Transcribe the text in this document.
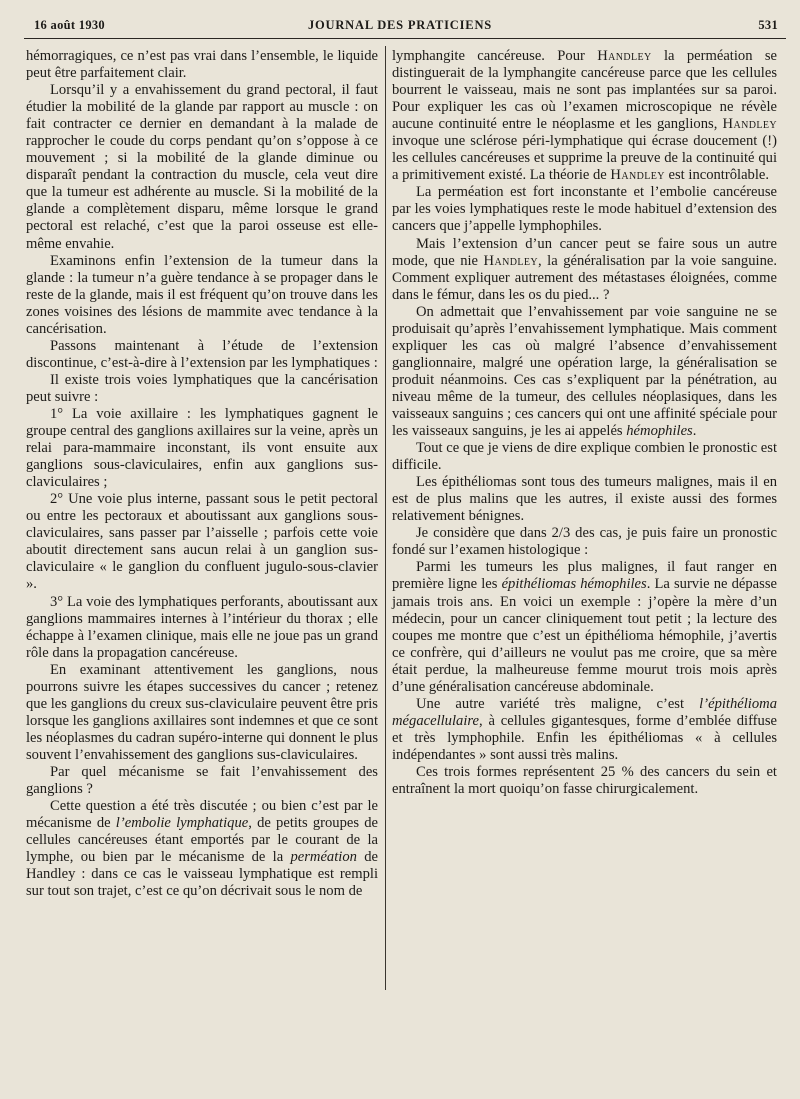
16 août 1930	JOURNAL DES PRATICIENS	531

hémorragiques, ce n’est pas vrai dans l’ensemble, le liquide peut être parfaitement clair.

Lorsqu’il y a envahissement du grand pectoral, il faut étudier la mobilité de la glande par rapport au muscle : on fait contracter ce dernier en demandant à la malade de rapprocher le coude du corps pendant qu’on s’oppose à ce mouvement ; si la mobilité de la glande diminue ou disparaît pendant la contraction du muscle, cela veut dire que la tumeur est adhérente au muscle. Si la mobilité de la glande a complètement disparu, même lorsque le grand pectoral est relaché, c’est que la paroi osseuse est elle-même envahie.

Examinons enfin l’extension de la tumeur dans la glande : la tumeur n’a guère tendance à se propager dans le reste de la glande, mais il est fréquent qu’on trouve dans les zones voisines des lésions de mammite avec tendance à la cancérisation.

Passons maintenant à l’étude de l’extension discontinue, c’est-à-dire à l’extension par les lymphatiques :

Il existe trois voies lymphatiques que la cancérisation peut suivre :

1° La voie axillaire : les lymphatiques gagnent le groupe central des ganglions axillaires sur la veine, après un relai para-mammaire inconstant, ils vont ensuite aux ganglions sous-claviculaires, enfin aux ganglions sus-claviculaires ;

2° Une voie plus interne, passant sous le petit pectoral ou entre les pectoraux et aboutissant aux ganglions sous-claviculaires, sans passer par l’aisselle ; parfois cette voie aboutit directement sans aucun relai à un ganglion sus-claviculaire « le ganglion du confluent jugulo-sous-clavier ».

3° La voie des lymphatiques perforants, aboutissant aux ganglions mammaires internes à l’intérieur du thorax ; elle échappe à l’examen clinique, mais elle ne joue pas un grand rôle dans la propagation cancéreuse.

En examinant attentivement les ganglions, nous pourrons suivre les étapes successives du cancer ; retenez que les ganglions du creux sus-claviculaire peuvent être pris lorsque les ganglions axillaires sont indemnes et que ce sont les néoplasmes du cadran supéro-interne qui donnent le plus souvent l’envahissement des ganglions sus-claviculaires.

Par quel mécanisme se fait l’envahissement des ganglions ?

Cette question a été très discutée ; ou bien c’est par le mécanisme de l’embolie lymphatique, de petits groupes de cellules cancéreuses étant emportés par le courant de la lymphe, ou bien par le mécanisme de la perméation de Handley : dans ce cas le vaisseau lymphatique est rempli sur tout son trajet, c’est ce qu’on décrivait sous le nom de

lymphangite cancéreuse. Pour Handley la perméation se distinguerait de la lymphangite cancéreuse parce que les cellules bourrent le vaisseau, mais ne sont pas implantées sur sa paroi. Pour expliquer les cas où l’examen microscopique ne révèle aucune continuité entre le néoplasme et les ganglions, Handley invoque une sclérose péri-lymphatique qui écrase doucement (!) les cellules cancéreuses et supprime la preuve de la continuité qui a primitivement existé. La théorie de Handley est incontrôlable.

La perméation est fort inconstante et l’embolie cancéreuse par les voies lymphatiques reste le mode habituel d’extension des cancers que j’appelle lymphophiles.

Mais l’extension d’un cancer peut se faire sous un autre mode, que nie Handley, la généralisation par la voie sanguine. Comment expliquer autrement des métastases éloignées, comme dans le fémur, dans les os du pied... ?

On admettait que l’envahissement par voie sanguine ne se produisait qu’après l’envahissement lymphatique. Mais comment expliquer les cas où malgré l’absence d’envahissement ganglionnaire, malgré une opération large, la généralisation se produit néanmoins. Ces cas s’expliquent par la pénétration, au niveau même de la tumeur, des cellules néoplasiques, dans les vaisseaux sanguins ; ces cancers qui ont une affinité spéciale pour les vaisseaux sanguins, je les ai appelés hémophiles.

Tout ce que je viens de dire explique combien le pronostic est difficile.

Les épithéliomas sont tous des tumeurs malignes, mais il en est de plus malins que les autres, il existe aussi des formes relativement bénignes.

Je considère que dans 2/3 des cas, je puis faire un pronostic fondé sur l’examen histologique :

Parmi les tumeurs les plus malignes, il faut ranger en première ligne les épithéliomas hémophiles. La survie ne dépasse jamais trois ans. En voici un exemple : j’opère la mère d’un médecin, pour un cancer cliniquement tout petit ; la lecture des coupes me montre que c’est un épithélioma hémophile, j’avertis ce confrère, qui d’ailleurs ne voulut pas me croire, que sa mère était perdue, la malheureuse femme mourut trois mois après d’une généralisation cancéreuse abdominale.

Une autre variété très maligne, c’est l’épithélioma mégacellulaire, à cellules gigantesques, forme d’emblée diffuse et très lymphophile. Enfin les épithéliomas « à cellules indépendantes » sont aussi très malins.

Ces trois formes représentent 25 % des cancers du sein et entraînent la mort quoiqu’on fasse chirurgicalement.
